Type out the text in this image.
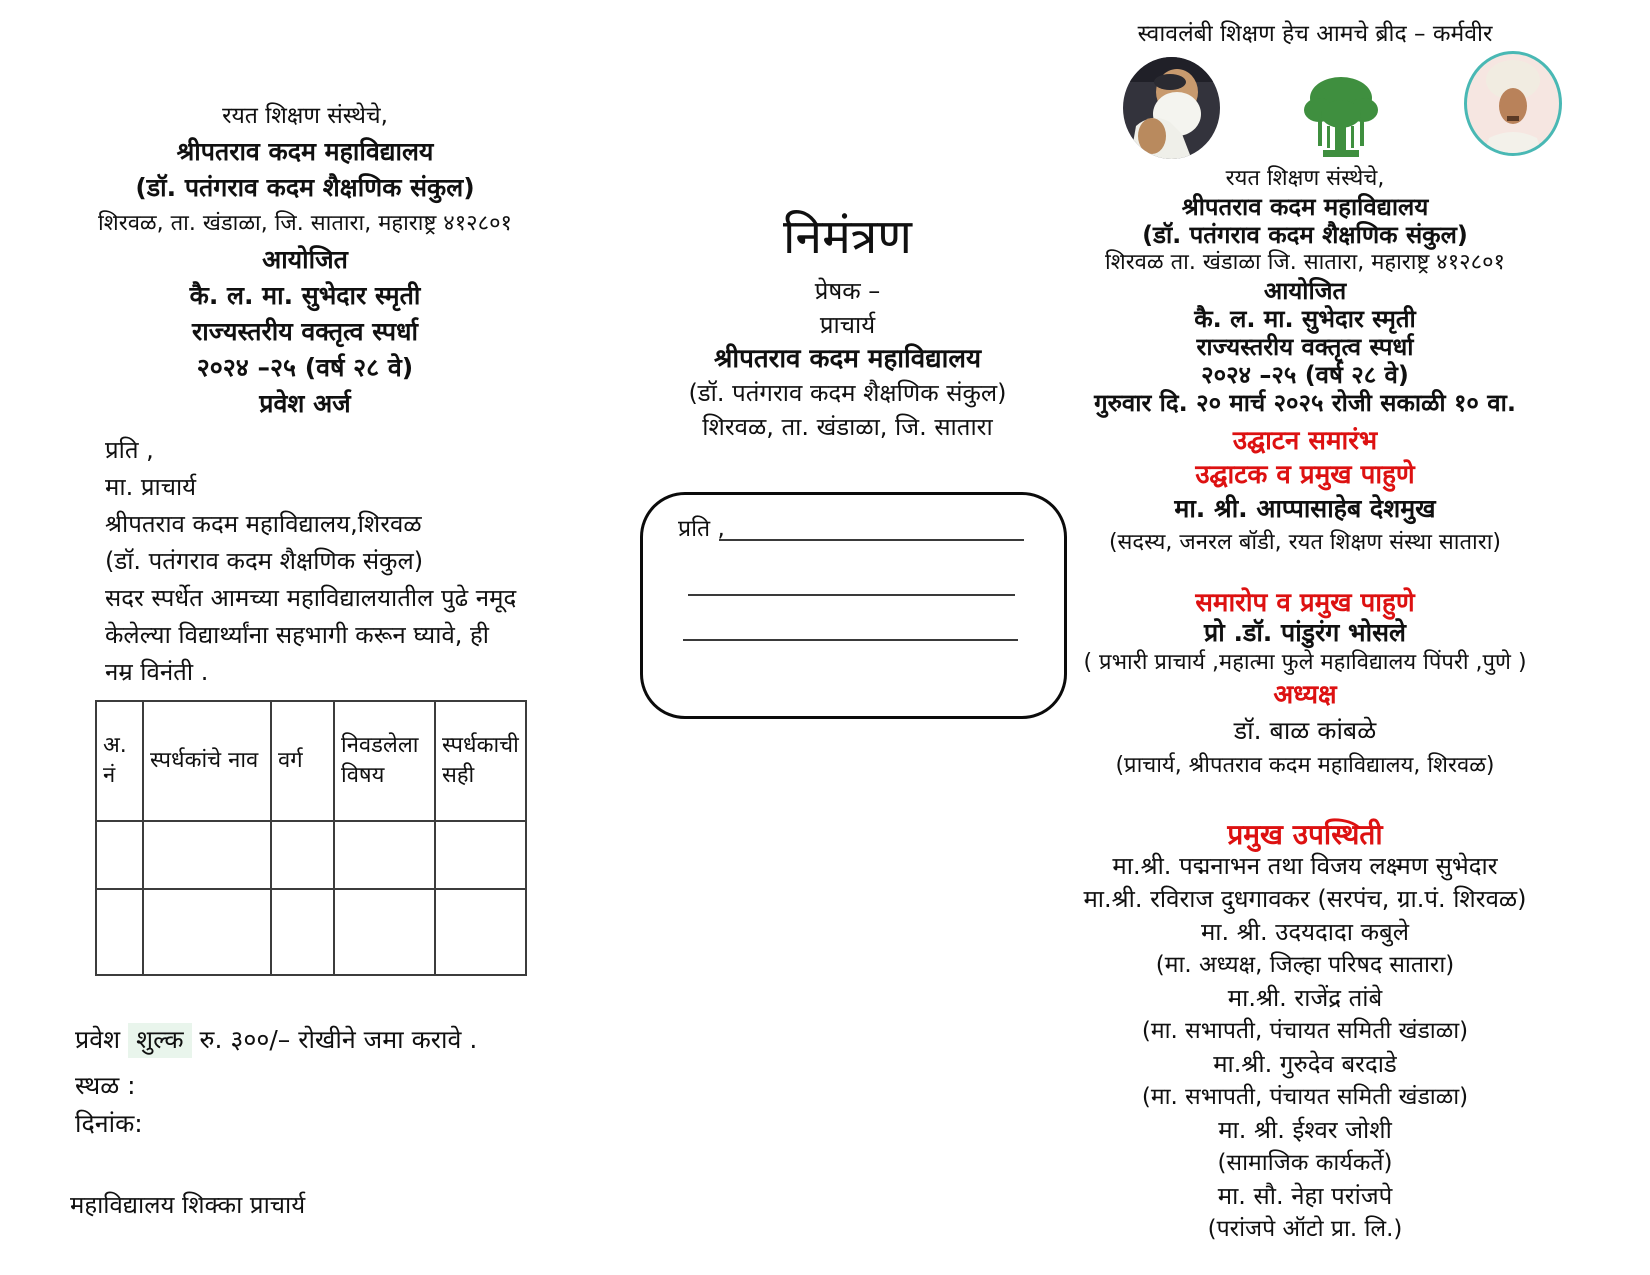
रयत शिक्षण संस्थेचे,
श्रीपतराव कदम महाविद्यालय
(डॉ. पतंगराव कदम शैक्षणिक संकुल)
शिरवळ, ता. खंडाळा, जि. सातारा, महाराष्ट्र ४१२८०१
आयोजित
कै. ल. मा. सुभेदार स्मृती
राज्यस्तरीय वक्तृत्व स्पर्धा
२०२४ –२५ (वर्ष २८ वे)
प्रवेश अर्ज
प्रति ,
मा. प्राचार्य
श्रीपतराव कदम महाविद्यालय,शिरवळ
(डॉ. पतंगराव कदम शैक्षणिक संकुल)
सदर स्पर्धेत आमच्या महाविद्यालयातील पुढे नमूद
केलेल्या विद्यार्थ्यांना सहभागी करून घ्यावे, ही
नम्र विनंती .
अ. नं	स्पर्धकांचे नाव	वर्ग	निवडलेला विषय	स्पर्धकाची सही

प्रवेश शुल्क रु. ३००/– रोखीने जमा करावे .
स्थळ :
दिनांक:
महाविद्यालय शिक्का प्राचार्य
निमंत्रण
प्रेषक –
प्राचार्य
श्रीपतराव कदम महाविद्यालय
(डॉ. पतंगराव कदम शैक्षणिक संकुल)
शिरवळ, ता. खंडाळा, जि. सातारा
प्रति ,
स्वावलंबी शिक्षण हेच आमचे ब्रीद – कर्मवीर
रयत शिक्षण संस्थेचे,
श्रीपतराव कदम महाविद्यालय
(डॉ. पतंगराव कदम शैक्षणिक संकुल)
शिरवळ ता. खंडाळा जि. सातारा, महाराष्ट्र ४१२८०१
आयोजित
कै. ल. मा. सुभेदार स्मृती
राज्यस्तरीय वक्तृत्व स्पर्धा
२०२४ –२५ (वर्ष २८ वे)
गुरुवार दि. २० मार्च २०२५ रोजी सकाळी १० वा.
उद्घाटन समारंभ
उद्घाटक व प्रमुख पाहुणे
मा. श्री. आप्पासाहेब देशमुख
(सदस्य, जनरल बॉडी, रयत शिक्षण संस्था सातारा)
समारोप व प्रमुख पाहुणे
प्रो .डॉ. पांडुरंग भोसले
( प्रभारी प्राचार्य ,महात्मा फुले महाविद्यालय पिंपरी ,पुणे )
अध्यक्ष
डॉ. बाळ कांबळे
(प्राचार्य, श्रीपतराव कदम महाविद्यालय, शिरवळ)
प्रमुख उपस्थिती
मा.श्री. पद्मनाभन तथा विजय लक्ष्मण सुभेदार
मा.श्री. रविराज दुधगावकर (सरपंच, ग्रा.पं. शिरवळ)
मा. श्री. उदयदादा कबुले
(मा. अध्यक्ष, जिल्हा परिषद सातारा)
मा.श्री. राजेंद्र तांबे
(मा. सभापती, पंचायत समिती खंडाळा)
मा.श्री. गुरुदेव बरदाडे
(मा. सभापती, पंचायत समिती खंडाळा)
मा. श्री. ईश्वर जोशी
(सामाजिक कार्यकर्ते)
मा. सौ. नेहा परांजपे
(परांजपे ऑटो प्रा. लि.)
